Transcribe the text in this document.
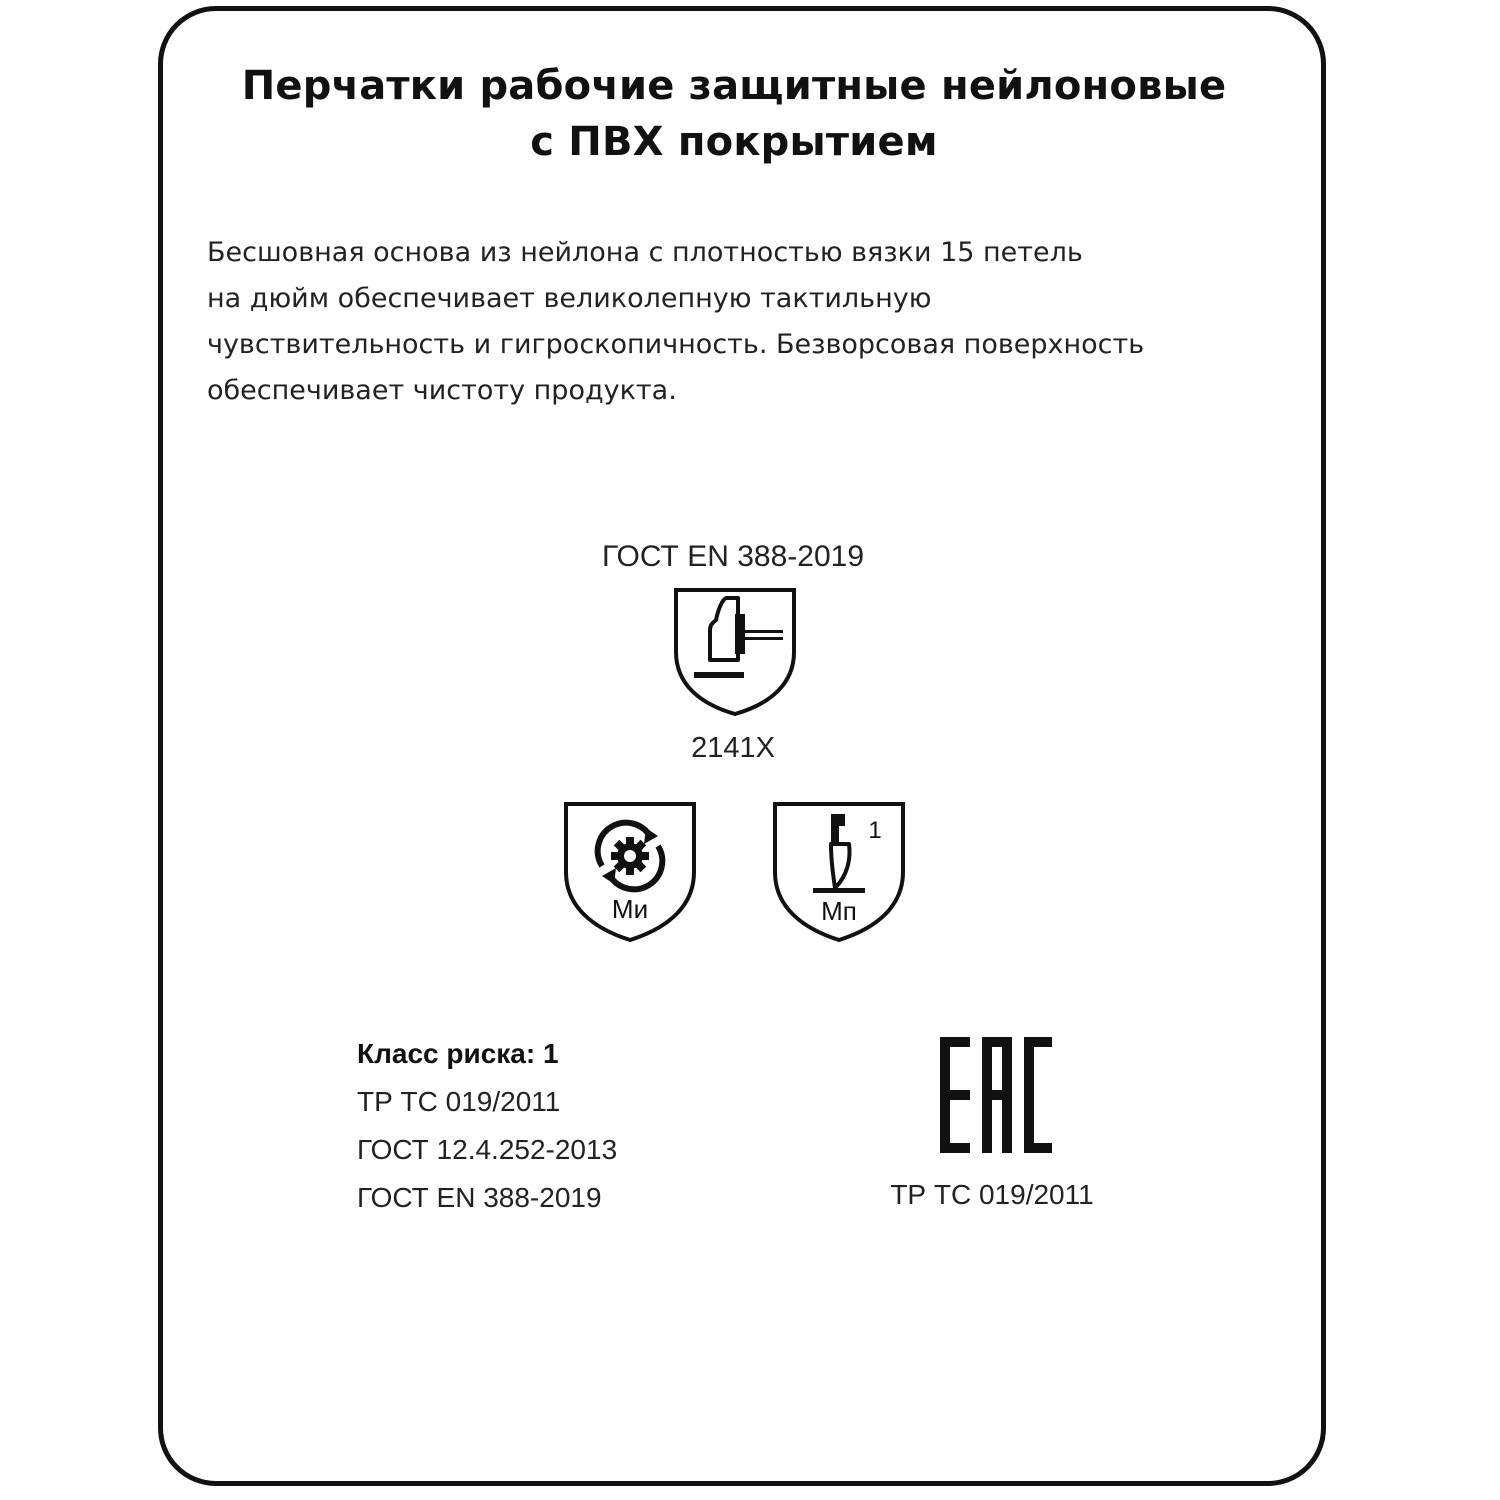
Перчатки рабочие защитные нейлоновые
с ПВХ покрытием

Бесшовная основа из нейлона с плотностью вязки 15 петель
на дюйм обеспечивает великолепную тактильную
чувствительность и гигроскопичность. Безворсовая поверхность
обеспечивает чистоту продукта.

ГОСТ EN 388-2019
2141X
Ми
1
Мп
Класс риска: 1
ТР ТС 019/2011
ГОСТ 12.4.252-2013
ГОСТ EN 388-2019	ТР ТС 019/2011
